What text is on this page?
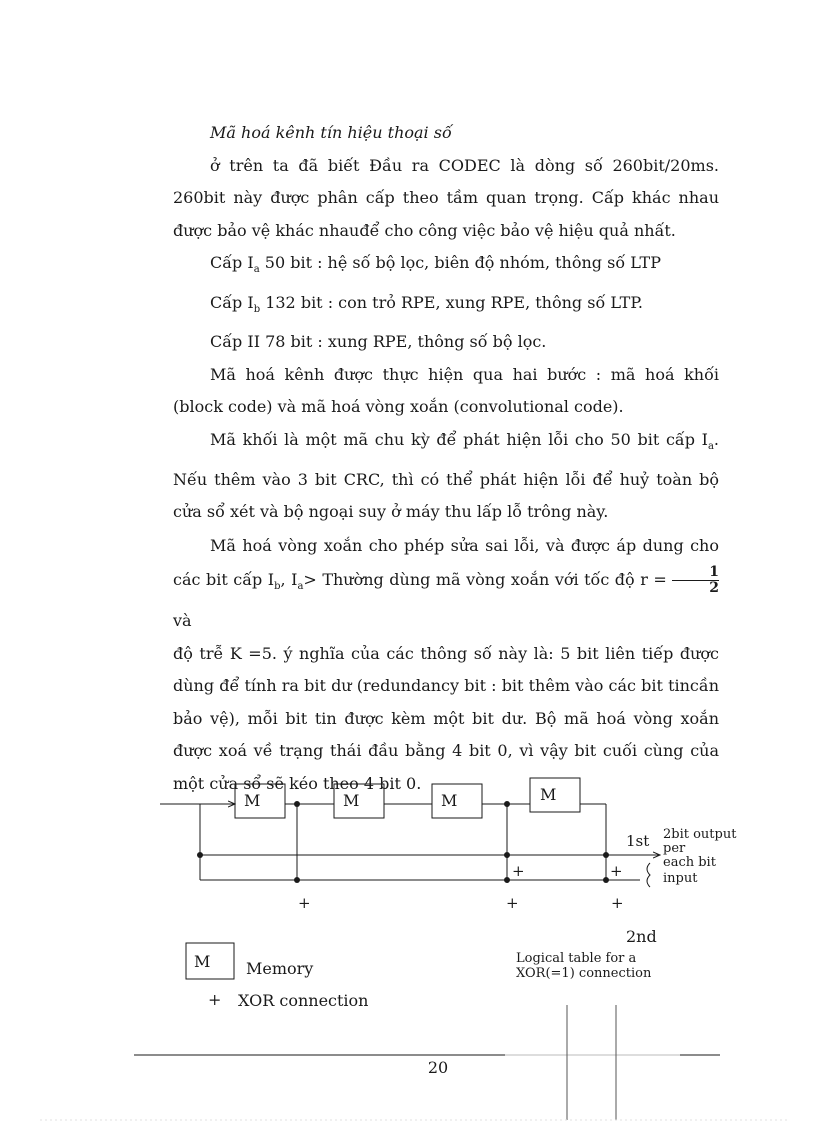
Mã hoá kênh tín hiệu thoại số

ở trên ta đã biết Đầu ra CODEC là dòng số 260bit/20ms. 260bit này được phân cấp theo tầm quan trọng. Cấp khác nhau được bảo vệ khác nhauđể cho công việc bảo vệ hiệu quả nhất.

Cấp $I_a$ 50 bit : hệ số bộ lọc, biên độ nhóm, thông số LTP

Cấp $I_b$ 132 bit : con trỏ RPE, xung RPE, thông số LTP.

Cấp II 78 bit : xung RPE, thông số bộ lọc.

Mã hoá kênh được thực hiện qua hai bước : mã hoá khối (block code) và mã hoá vòng xoắn (convolutional code).

Mã khối là một mã chu kỳ để phát hiện lỗi cho 50 bit cấp $I_a$. Nếu thêm vào 3 bit CRC, thì có thể phát hiện lỗi để huỷ toàn bộ cửa sổ xét và bộ ngoại suy ở máy thu lấp lỗ trông này.

Mã hoá vòng xoắn cho phép sửa sai lỗi, và được áp dung cho các bit cấp $I_b$, $I_a>$ Thường dùng mã vòng xoắn với tốc độ $r = \frac{1}{2}$
và

độ trễ K =5. ý nghĩa của các thông số này là: 5 bit liên tiếp được dùng để tính ra bit dư (redundancy bit : bit thêm vào các bit tincần bảo vệ), mỗi bit tin được kèm một bit dư. Bộ mã hoá vòng xoắn được xoá về trạng thái đầu bằng 4 bit 0, vì vậy bit cuối cùng của một cửa sổ sẽ kéo theo 4 bit 0.

M	M	M	M
+	+
+	+	+
1st 2bit output
per
each bit
input
2nd
Logical table for a
XOR(=1) connection
M Memory
+ XOR connection
20
